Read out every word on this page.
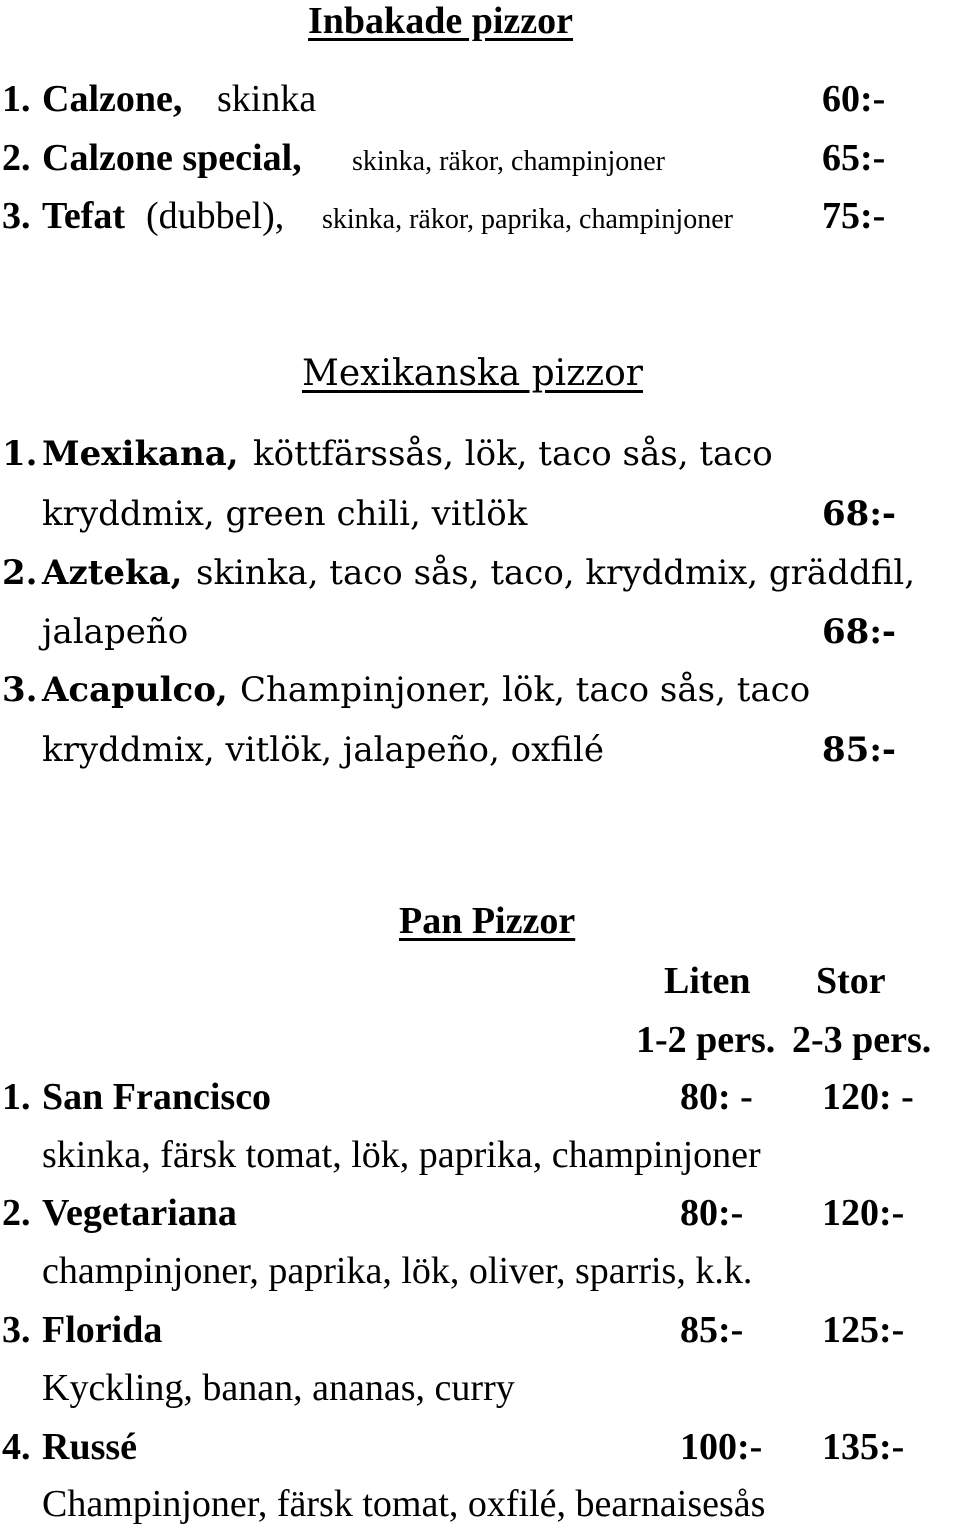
Inbakade pizzor
1. Calzone, skinka	60:-
2. Calzone special, skinka, räkor, champinjoner	65:-
3. Tefat (dubbel), skinka, räkor, paprika, champinjoner 75:-
Mexikanska pizzor
1. Mexikana, köttfärssås, lök, taco sås, taco
kryddmix, green chili, vitlök	68:-
2. Azteka, skinka, taco sås, taco, kryddmix, gräddfil,
jalapeño	68:-
3. Acapulco, Champinjoner, lök, taco sås, taco
kryddmix, vitlök, jalapeño, oxfilé	85:-
Pan Pizzor
Liten Stor
1-2 pers. 2-3 pers.
1. San Francisco	80: - 120: -
skinka, färsk tomat, lök, paprika, champinjoner
2. Vegetariana	80:- 120:-
champinjoner, paprika, lök, oliver, sparris, k.k.
3. Florida	85:- 125:-
Kyckling, banan, ananas, curry
4. Russé	100:- 135:-
Champinjoner, färsk tomat, oxfilé, bearnaisesås
